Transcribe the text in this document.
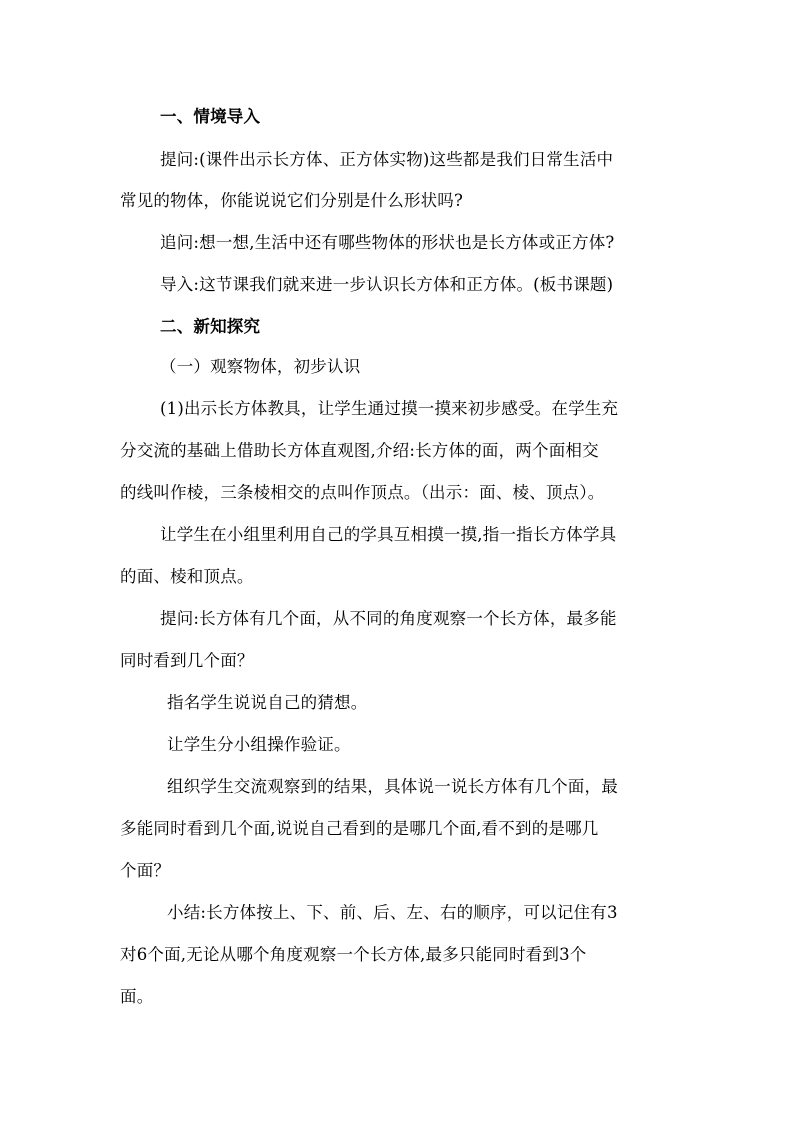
一、情境导入
提问:(课件出示长方体、正方体实物)这些都是我们日常生活中
常见的物体，你能说说它们分别是什么形状吗?
追问:想一想,生活中还有哪些物体的形状也是长方体或正方体?
导入:这节课我们就来进一步认识长方体和正方体。(板书课题)
二、新知探究
（一）观察物体，初步认识
(1)出示长方体教具，让学生通过摸一摸来初步感受。在学生充
分交流的基础上借助长方体直观图,介绍:长方体的面，两个面相交
的线叫作棱，三条棱相交的点叫作顶点。（出示：面、棱、顶点）。
让学生在小组里利用自己的学具互相摸一摸,指一指长方体学具
的面、棱和顶点。
提问:长方体有几个面，从不同的角度观察一个长方体，最多能
同时看到几个面？
指名学生说说自己的猜想。
让学生分小组操作验证。
组织学生交流观察到的结果，具体说一说长方体有几个面，最
多能同时看到几个面,说说自己看到的是哪几个面,看不到的是哪几
个面？
小结:长方体按上、下、前、后、左、右的顺序，可以记住有3
对6个面,无论从哪个角度观察一个长方体,最多只能同时看到3个
面。
